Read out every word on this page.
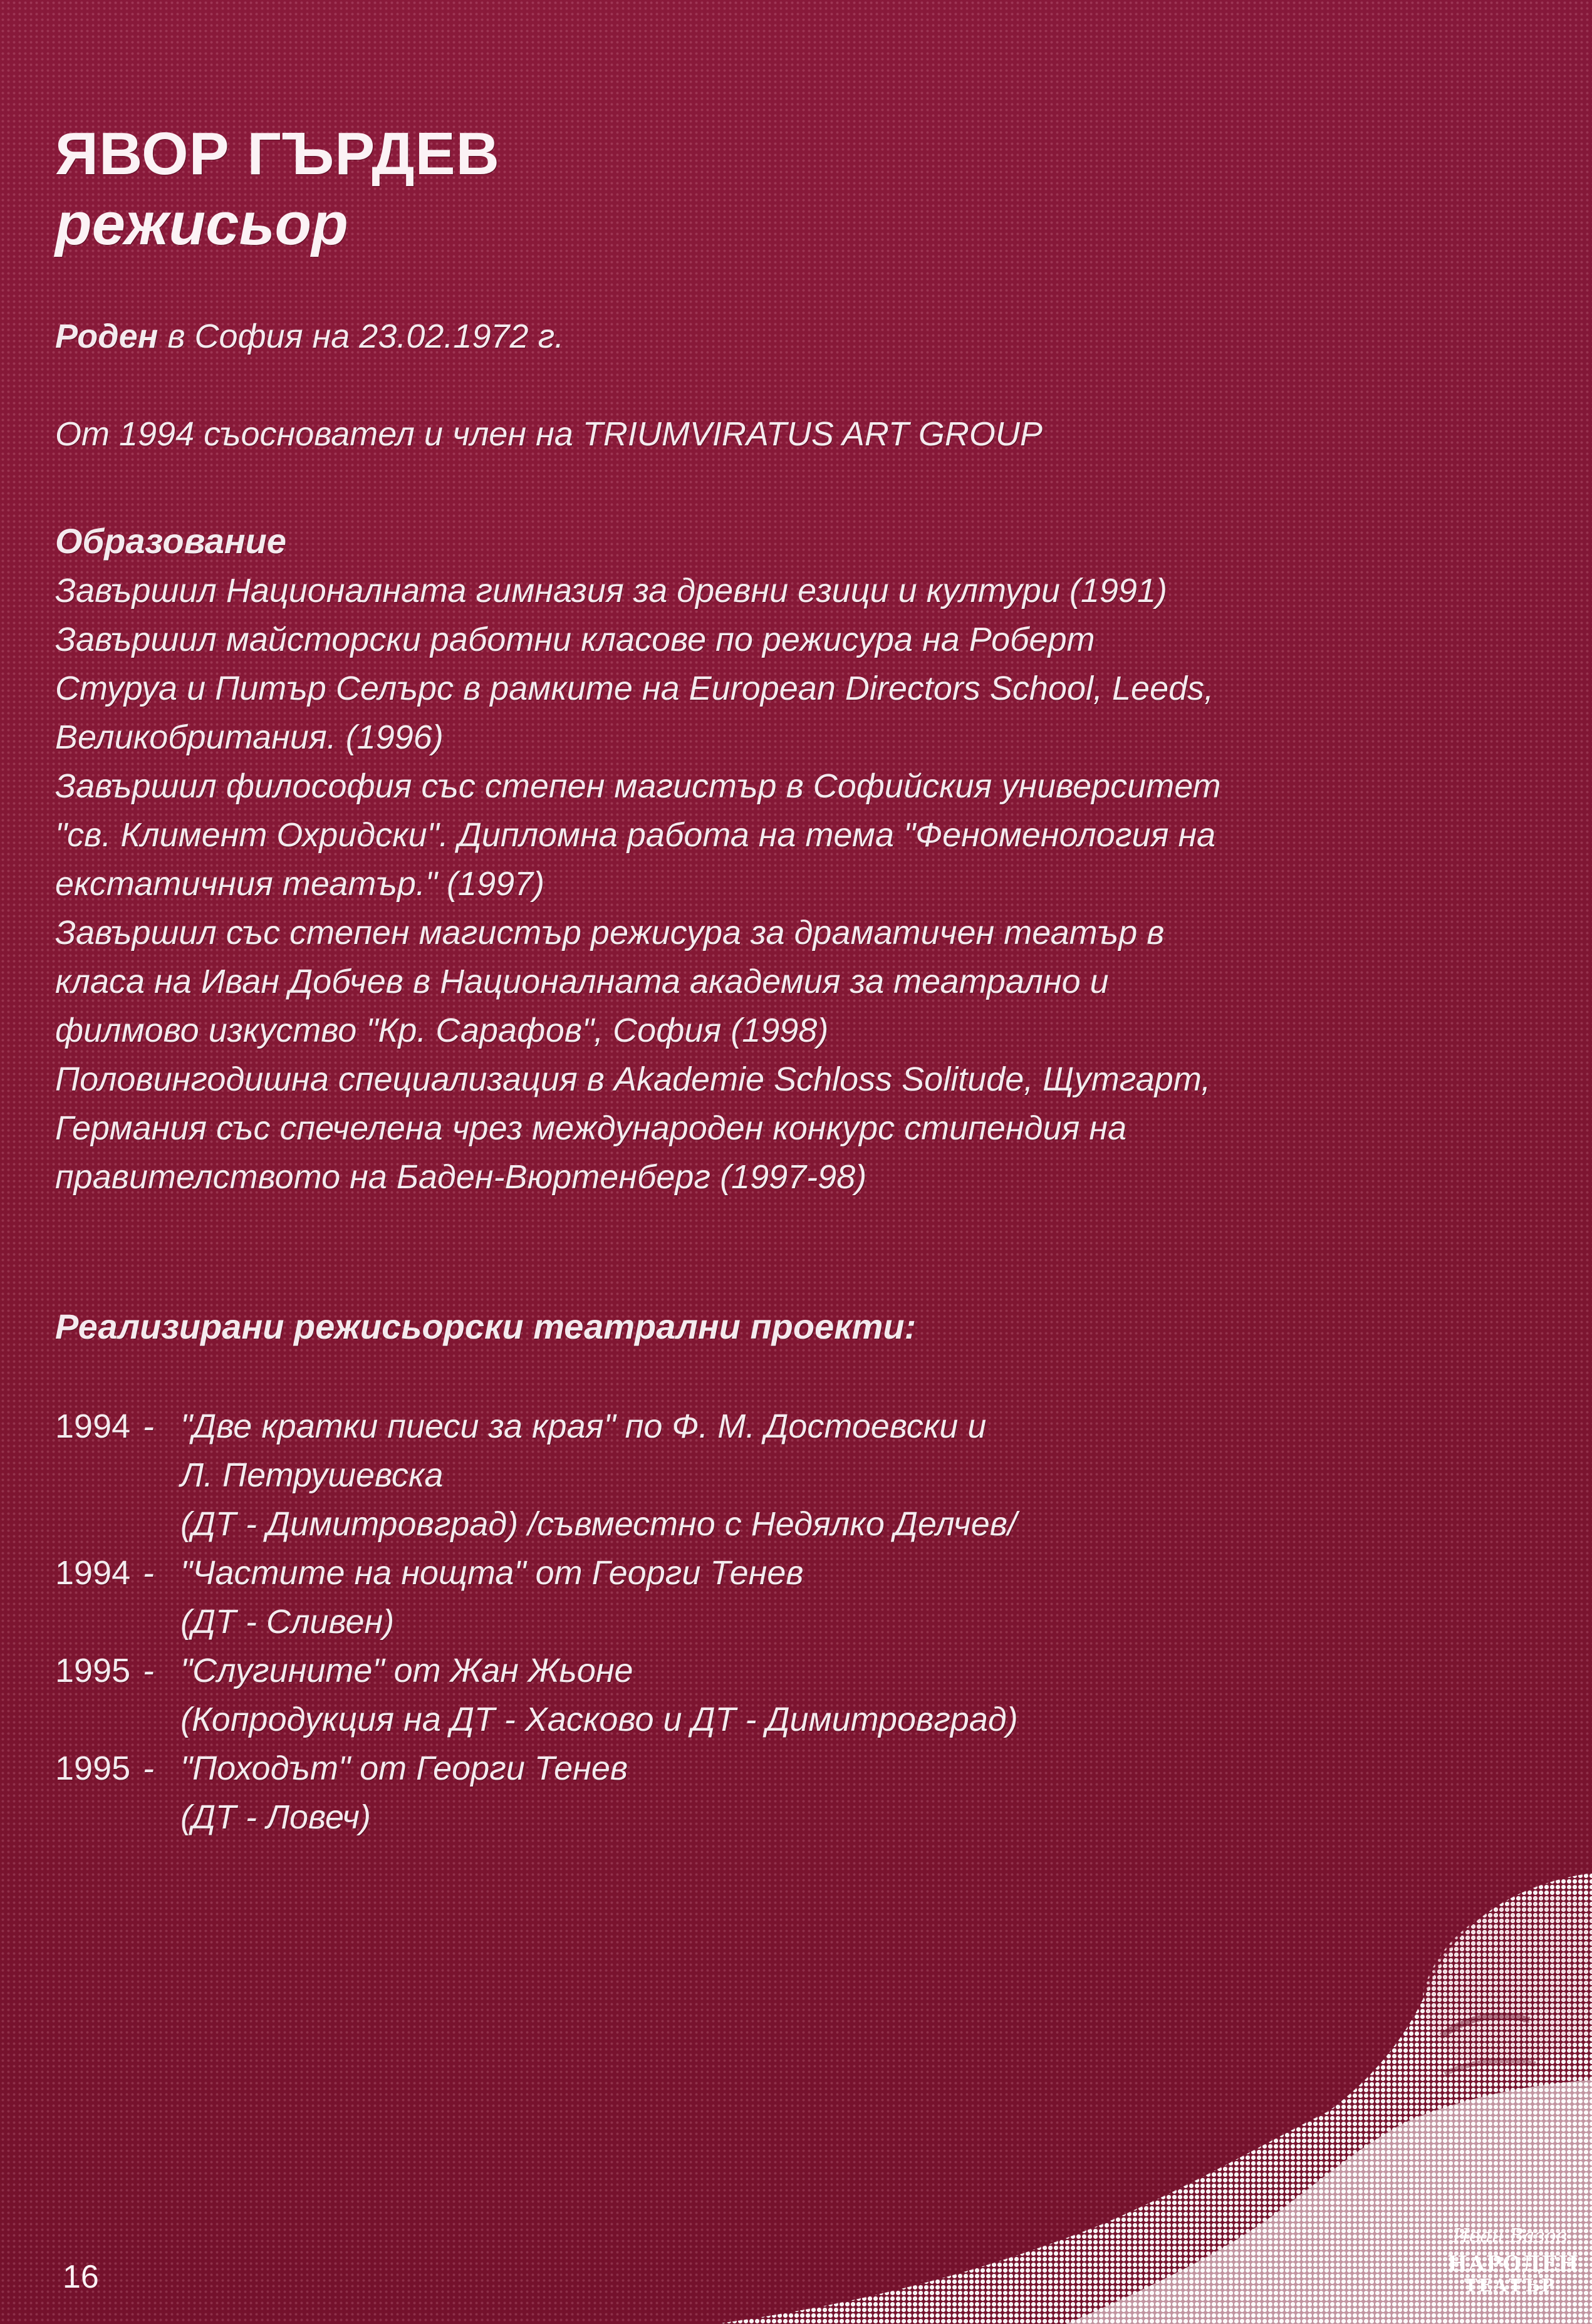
ЯВОР ГЪРДЕВ
режисьор

Роден в София на 23.02.1972 г.

От 1994 съосновател и член на TRIUMVIRATUS ART GROUP

Образование

Завършил Националната гимназия за древни езици и култури (1991)

Завършил майсторски работни класове по режисура на Роберт

Стуруа и Питър Селърс в рамките на European Directors School, Leeds,

Великобритания. (1996)

Завършил философия със степен магистър в Софийския университет

"св. Климент Охридски". Дипломна работа на тема "Феноменология на

екстатичния театър." (1997)

Завършил със степен магистър режисура за драматичен театър в

класа на Иван Добчев в Националната академия за театрално и

филмово изкуство "Кр. Сарафов", София (1998)

Половингодишна специализация в Akademie Schloss Solitude, Щутгарт,

Германия със спечелена чрез международен конкурс стипендия на

правителството на Баден-Вюртенберг (1997-98)

Реализирани режисьорски театрални проекти:

1994 - "Две кратки пиеси за края" по Ф. М. Достоевски и

Л. Петрушевска

(ДТ - Димитровград) /съвместно с Недялко Делчев/

1994 - "Частите на нощта" от Георги Тенев

(ДТ - Сливен)

1995 - "Слугините" от Жан Жьоне

(Копродукция на ДТ - Хасково и ДТ - Димитровград)

1995 - "Походът" от Георги Тенев

(ДТ - Ловеч)

16
Иван Вазов
НАРОДЕН
ТЕАТЪР
